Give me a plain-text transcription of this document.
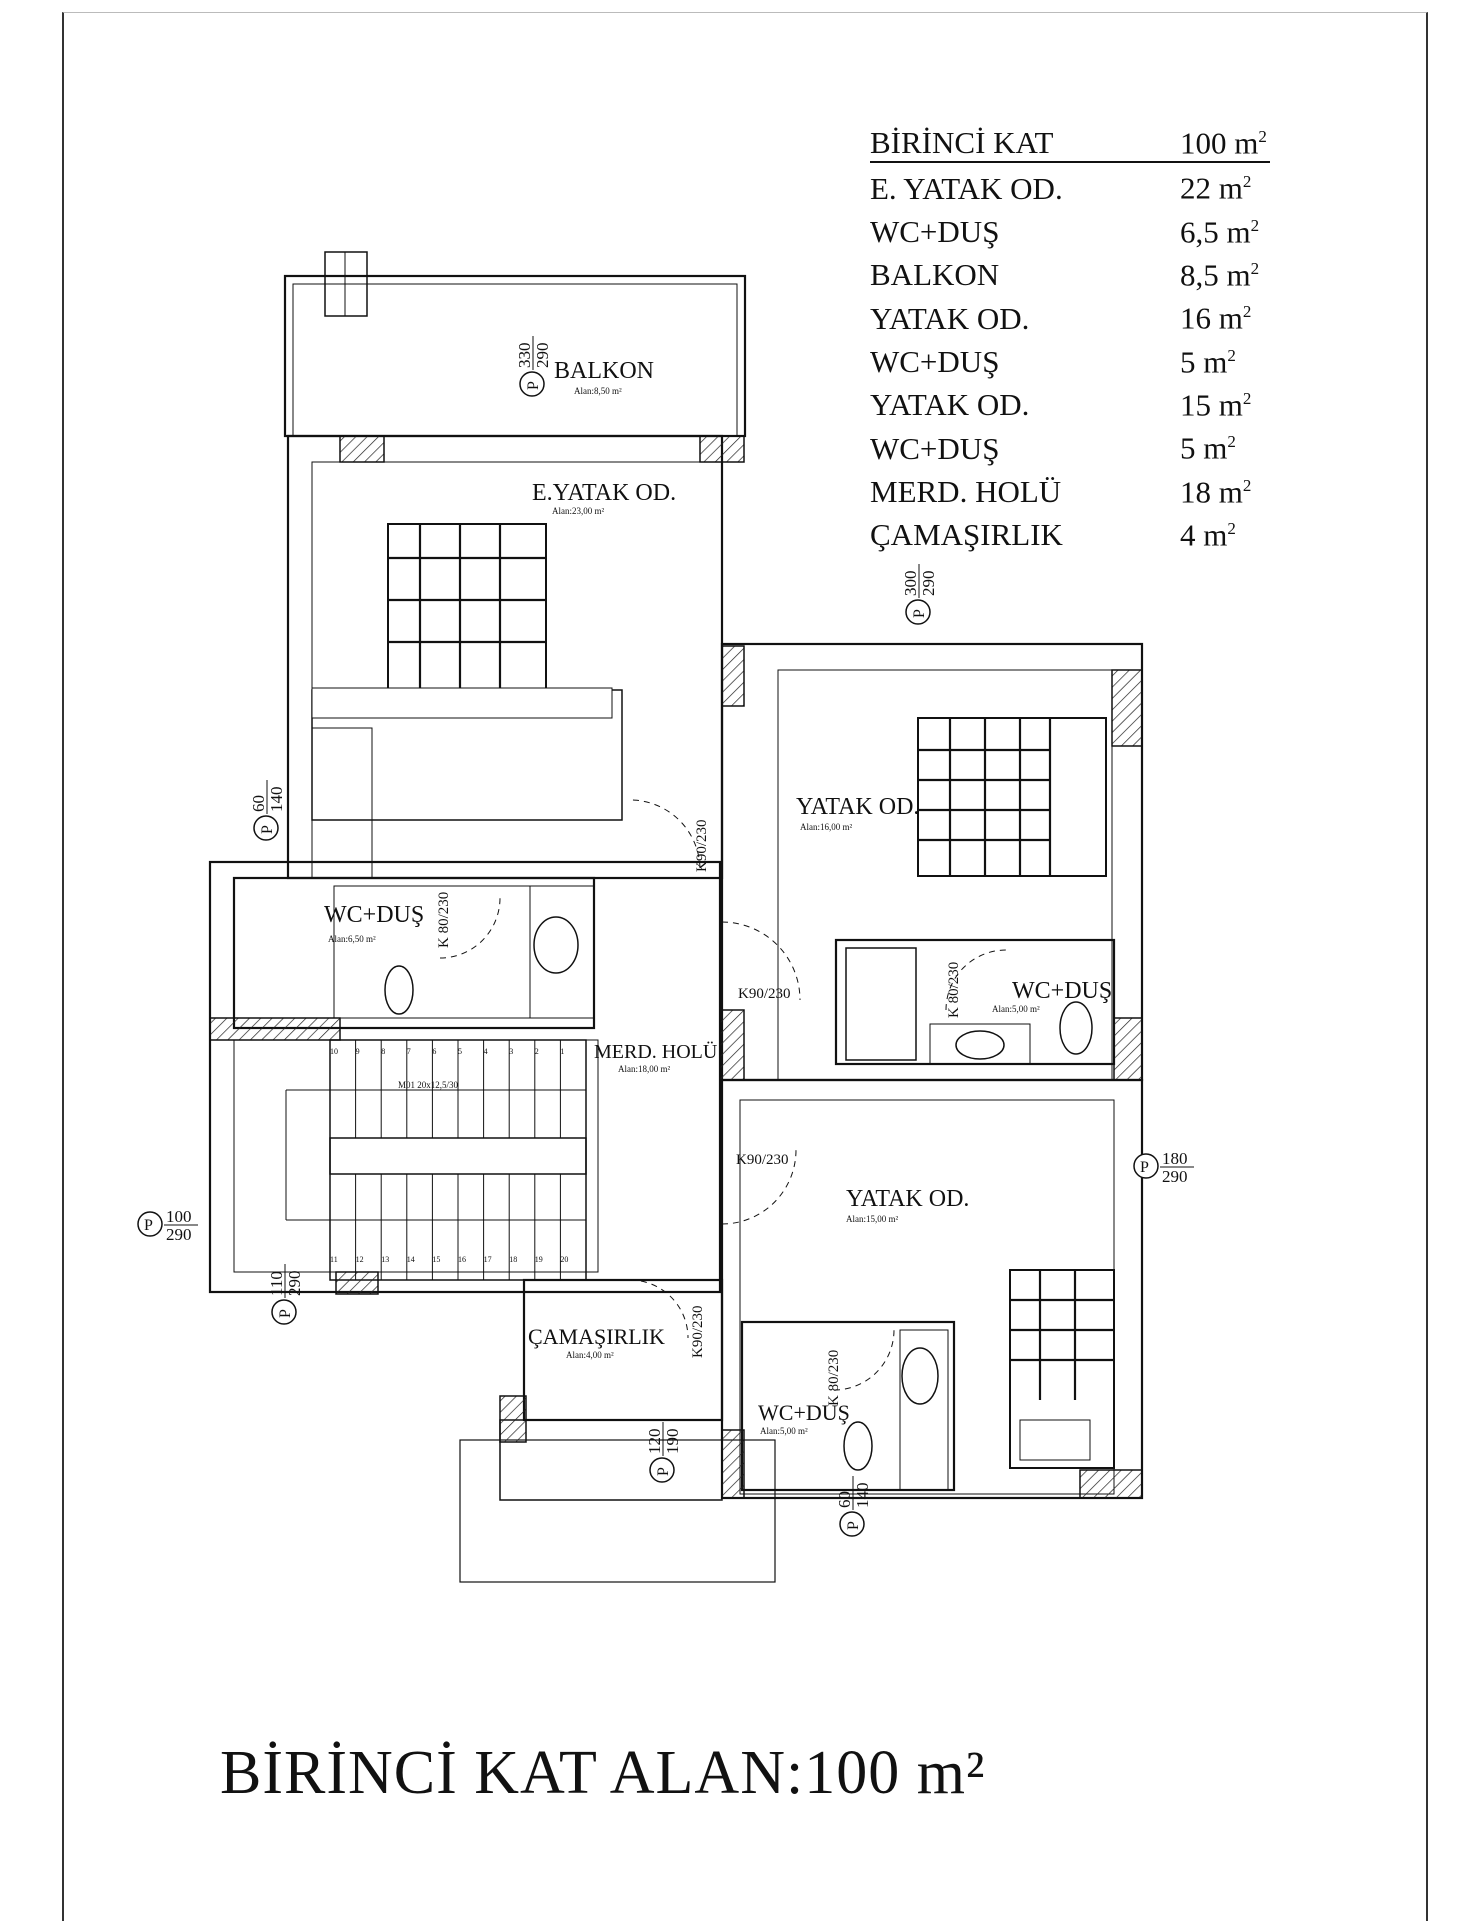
BİRİNCİ KAT	100 $m^2$
E. YATAK OD.	22 $m^2$
WC+DUŞ	6,5 $m^2$
BALKON	8,5 $m^2$
YATAK OD.	16 $m^2$
WC+DUŞ	5 $m^2$
YATAK OD.	15 $m^2$
WC+DUŞ	5 $m^2$
MERD. HOLÜ	18 $m^2$
ÇAMAŞIRLIK	4 $m^2$
BALKON
Alan:8,50 m²
E.YATAK OD.
Alan:23,00 m²
WC+DUŞ
Alan:6,50 m²
YATAK OD.
Alan:16,00 m²
WC+DUŞ
Alan:5,00 m²
MERD. HOLÜ
Alan:18,00 m²
YATAK OD.
Alan:15,00 m²
ÇAMAŞIRLIK
Alan:4,00 m²
WC+DUŞ
Alan:5,00 m²
K90/230
K 80/230
K90/230	K 80/230
K90/230
K90/230
K 80/230
M01 20x12,5/30
10 9	8	7	6	5	4	3	2	1
11 12 13 14 15 16 17 18 19 20
P
330 290
P
300 290
P
60 140
P 180
290
P 100
290
P
110 290
P
120 190
P
60 140
BİRİNCİ KAT ALAN:100 m²
